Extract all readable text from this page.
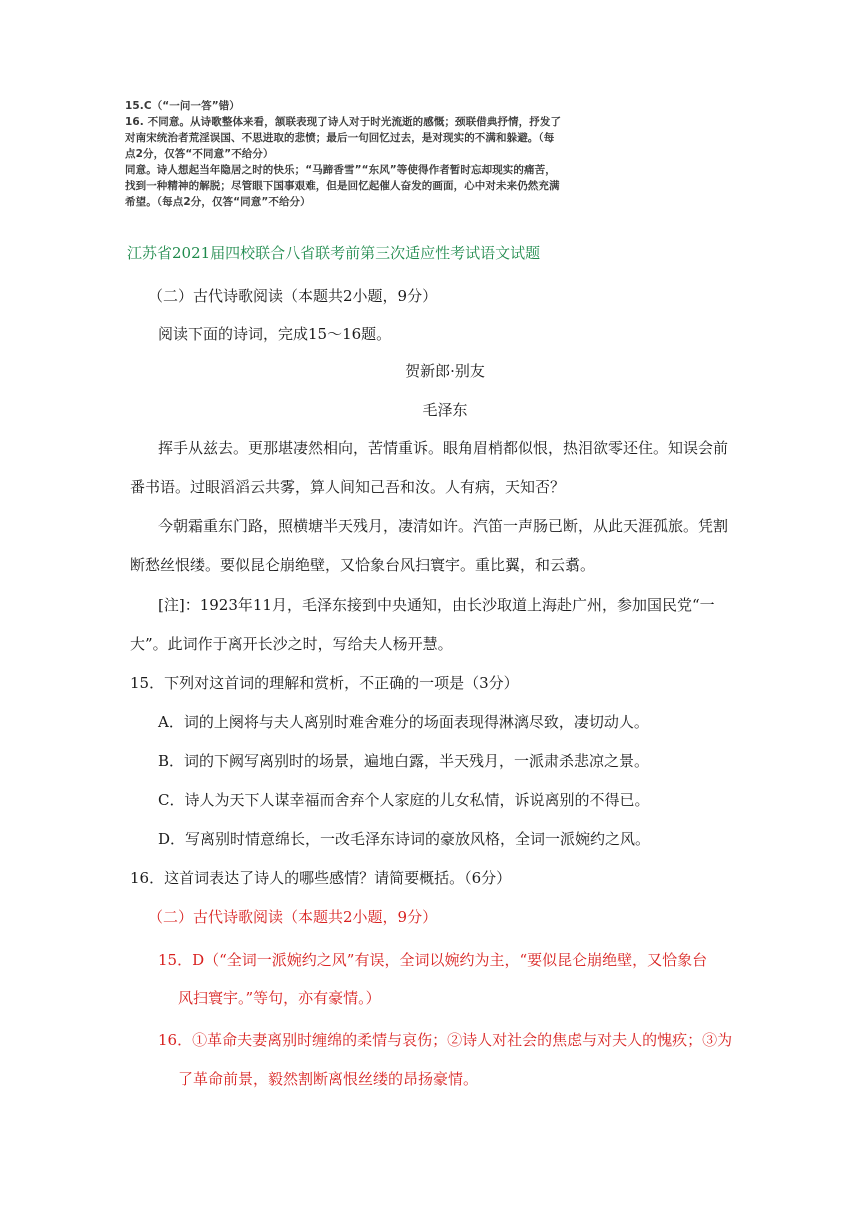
15.C（“一问一答”错）
16. 不同意。从诗歌整体来看，颔联表现了诗人对于时光流逝的感慨；颈联借典抒情，抒发了
对南宋统治者荒淫误国、不思进取的悲愤；最后一句回忆过去，是对现实的不满和躲避。（每
点2分，仅答“不同意”不给分）
同意。诗人想起当年隐居之时的快乐；“马蹄香雪”“东风”等使得作者暂时忘却现实的痛苦，
找到一种精神的解脱；尽管眼下国事艰难，但是回忆起催人奋发的画面，心中对未来仍然充满
希望。（每点2分，仅答“同意”不给分）
江苏省2021届四校联合八省联考前第三次适应性考试语文试题
（二）古代诗歌阅读（本题共2小题，9分）
阅读下面的诗词，完成15～16题。
贺新郎·别友
毛泽东
挥手从兹去。更那堪凄然相向，苦情重诉。眼角眉梢都似恨，热泪欲零还住。知误会前
番书语。过眼滔滔云共雾，算人间知己吾和汝。人有病，天知否？
今朝霜重东门路，照横塘半天残月，凄清如许。汽笛一声肠已断，从此天涯孤旅。凭割
断愁丝恨缕。要似昆仑崩绝壁，又恰象台风扫寰宇。重比翼，和云翥。
[注]：1923年11月，毛泽东接到中央通知，由长沙取道上海赴广州，参加国民党“一
大”。此词作于离开长沙之时，写给夫人杨开慧。
15．下列对这首词的理解和赏析，不正确的一项是（3分）
A．词的上阕将与夫人离别时难舍难分的场面表现得淋漓尽致，凄切动人。
B．词的下阙写离别时的场景，遍地白露，半天残月，一派肃杀悲凉之景。
C．诗人为天下人谋幸福而舍弃个人家庭的儿女私情，诉说离别的不得已。
D．写离别时情意绵长，一改毛泽东诗词的豪放风格，全词一派婉约之风。
16．这首词表达了诗人的哪些感情？请简要概括。（6分）
（二）古代诗歌阅读（本题共2小题，9分）
15．D（“全词一派婉约之风”有误，全词以婉约为主，“要似昆仑崩绝壁，又恰象台
风扫寰宇。”等句，亦有豪情。）
16．①革命夫妻离别时缠绵的柔情与哀伤；②诗人对社会的焦虑与对夫人的愧疚；③为
了革命前景，毅然割断离恨丝缕的昂扬豪情。
